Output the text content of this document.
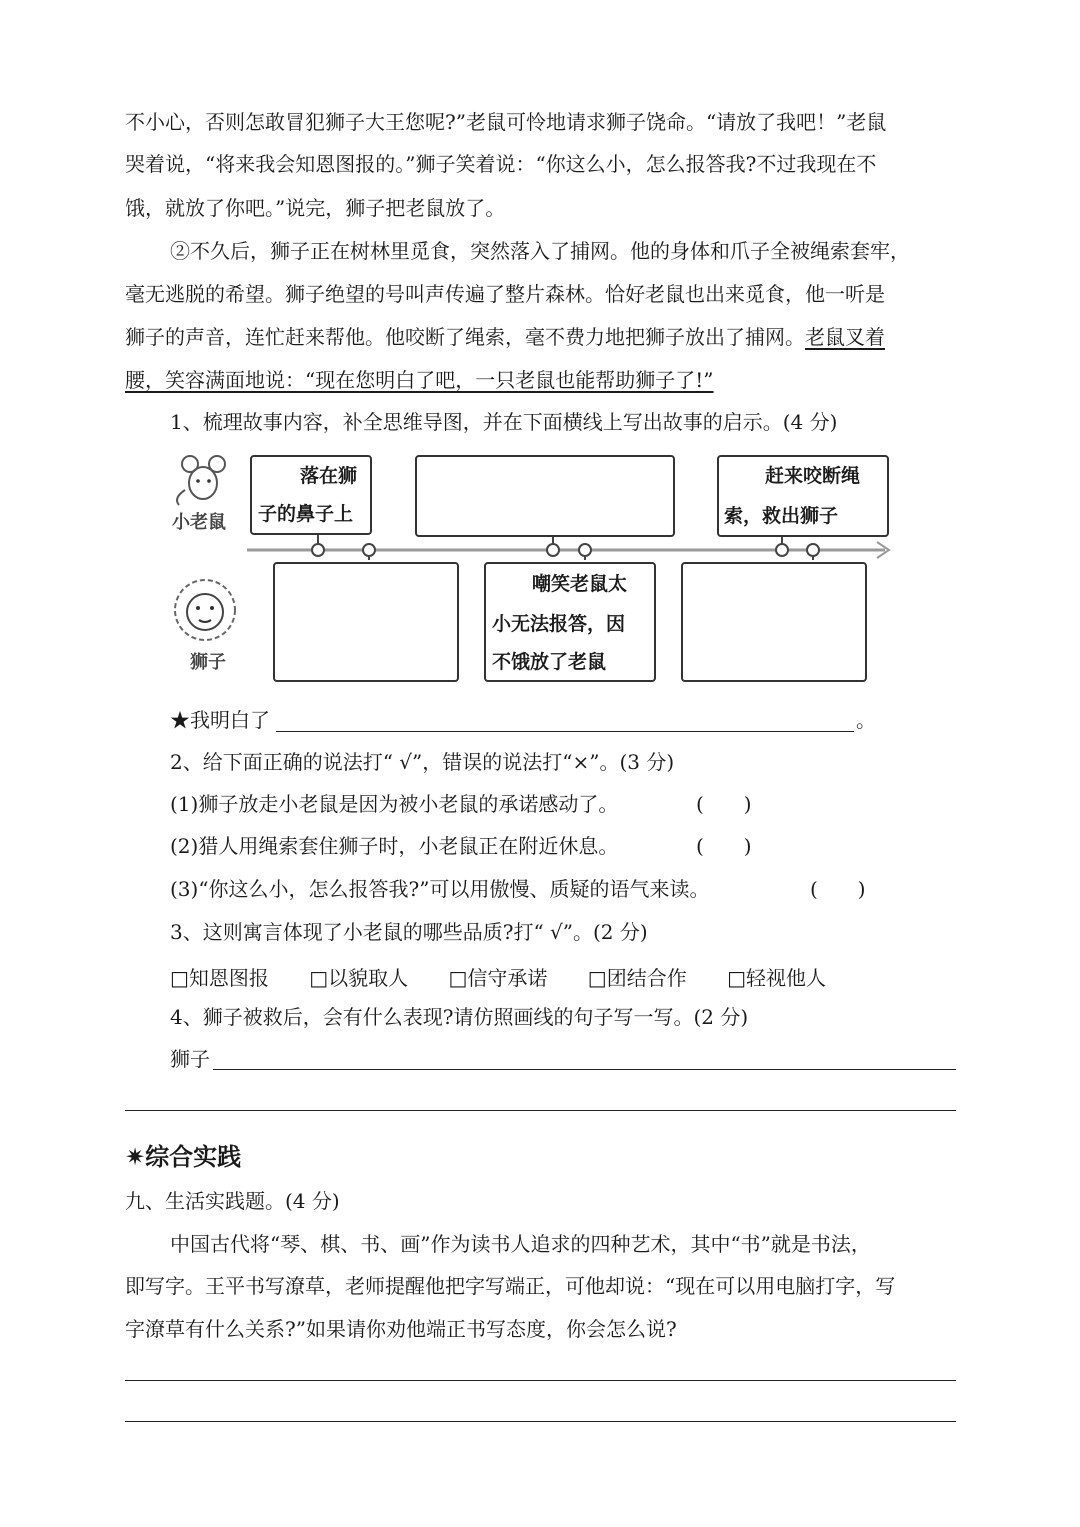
不小心，否则怎敢冒犯狮子大王您呢?”老鼠可怜地请求狮子饶命。“请放了我吧！”老鼠
哭着说，“将来我会知恩图报的。”狮子笑着说：“你这么小，怎么报答我?不过我现在不
饿，就放了你吧。”说完，狮子把老鼠放了。
②不久后，狮子正在树林里觅食，突然落入了捕网。他的身体和爪子全被绳索套牢，
毫无逃脱的希望。狮子绝望的号叫声传遍了整片森林。恰好老鼠也出来觅食，他一听是
狮子的声音，连忙赶来帮他。他咬断了绳索，毫不费力地把狮子放出了捕网。老鼠叉着
腰，笑容满面地说：“现在您明白了吧，一只老鼠也能帮助狮子了!”
1、梳理故事内容，补全思维导图，并在下面横线上写出故事的启示。(4 分)
小老鼠
狮子
落在狮
子的鼻子上
赶来咬断绳
索，救出狮子
嘲笑老鼠太
小无法报答，因
不饿放了老鼠
★我明白了	。
2、给下面正确的说法打“ √”，错误的说法打“×”。(3 分)
(1)狮子放走小老鼠是因为被小老鼠的承诺感动了。	(　　)
(2)猎人用绳索套住狮子时，小老鼠正在附近休息。	(　　)
(3)“你这么小，怎么报答我?”可以用傲慢、质疑的语气来读。	(　　)
3、这则寓言体现了小老鼠的哪些品质?打“ √”。(2 分)
□知恩图报 □以貌取人 □信守承诺 □团结合作 □轻视他人
4、狮子被救后，会有什么表现?请仿照画线的句子写一写。(2 分)
狮子
✷综合实践
九、生活实践题。(4 分)
中国古代将“琴、棋、书、画”作为读书人追求的四种艺术，其中“书”就是书法，
即写字。王平书写潦草，老师提醒他把字写端正，可他却说：“现在可以用电脑打字，写
字潦草有什么关系?”如果请你劝他端正书写态度，你会怎么说?
